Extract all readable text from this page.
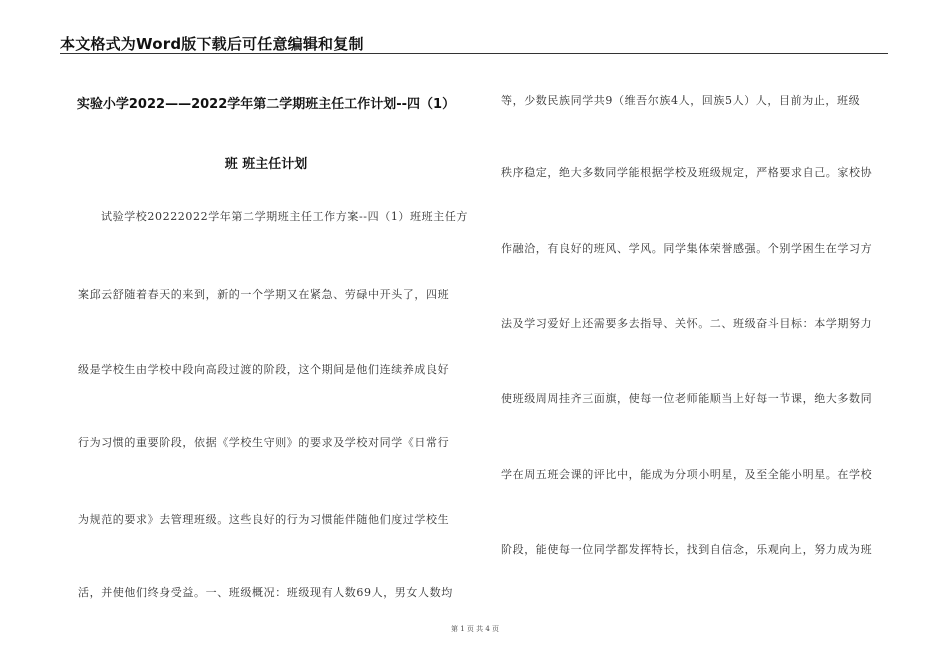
本文格式为Word版下载后可任意编辑和复制
实验小学2022——2022学年第二学期班主任工作计划--四（1）
班 班主任计划
试验学校20222022学年第二学期班主任工作方案--四（1）班班主任方
案邱云舒随着春天的来到，新的一个学期又在紧急、劳碌中开头了，四班
级是学校生由学校中段向高段过渡的阶段，这个期间是他们连续养成良好
行为习惯的重要阶段，依据《学校生守则》的要求及学校对同学《日常行
为规范的要求》去管理班级。这些良好的行为习惯能伴随他们度过学校生
活，并使他们终身受益。一、班级概况：班级现有人数69人，男女人数均
等，少数民族同学共9（维吾尔族4人，回族5人）人，目前为止，班级
秩序稳定，绝大多数同学能根据学校及班级规定，严格要求自己。家校协
作融洽，有良好的班风、学风。同学集体荣誉感强。个别学困生在学习方
法及学习爱好上还需要多去指导、关怀。二、班级奋斗目标：本学期努力
使班级周周挂齐三面旗，使每一位老师能顺当上好每一节课，绝大多数同
学在周五班会课的评比中，能成为分项小明星，及至全能小明星。在学校
阶段，能使每一位同学都发挥特长，找到自信念，乐观向上，努力成为班
第 1 页 共 4 页
